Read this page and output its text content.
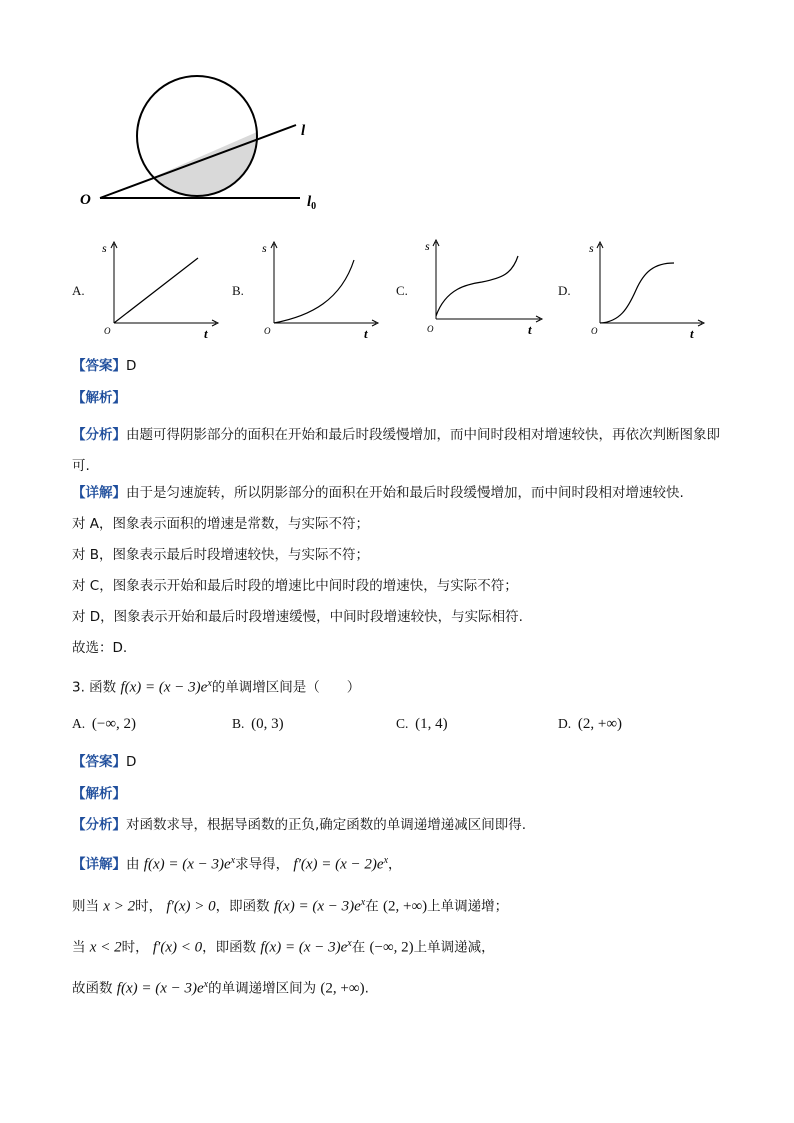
O
l
$l_0$
A.
s
t
O
B.
s
t
O
C.
s
t
O
D.
s
t
O
【答案】D
【解析】
【分析】由题可得阴影部分的面积在开始和最后时段缓慢增加，而中间时段相对增速较快，再依次判断图象即可.
【详解】由于是匀速旋转，所以阴影部分的面积在开始和最后时段缓慢增加，而中间时段相对增速较快.
对 A，图象表示面积的增速是常数，与实际不符；
对 B，图象表示最后时段增速较快，与实际不符；
对 C，图象表示开始和最后时段的增速比中间时段的增速快，与实际不符；
对 D，图象表示开始和最后时段增速缓慢，中间时段增速较快，与实际相符.
故选：D.
3. 函数 $f(x) = (x - 3)e^x$的单调增区间是（　　）
A. (−∞, 2)	B. (0, 3)	C. (1, 4)	D. (2, +∞)
【答案】D
【解析】
【分析】对函数求导，根据导函数的正负,确定函数的单调递增递减区间即得.
【详解】由 $f(x) = (x - 3)e^x$求导得， $f'(x) = (x - 2)e^x$，
则当 x > 2时， f′(x) > 0，即函数 $f(x) = (x - 3)e^x$在 (2, +∞)上单调递增；
当 x < 2时， f′(x) < 0，即函数 $f(x) = (x - 3)e^x$在 (−∞, 2)上单调递减，
故函数 $f(x) = (x - 3)e^x$的单调递增区间为 (2, +∞).
